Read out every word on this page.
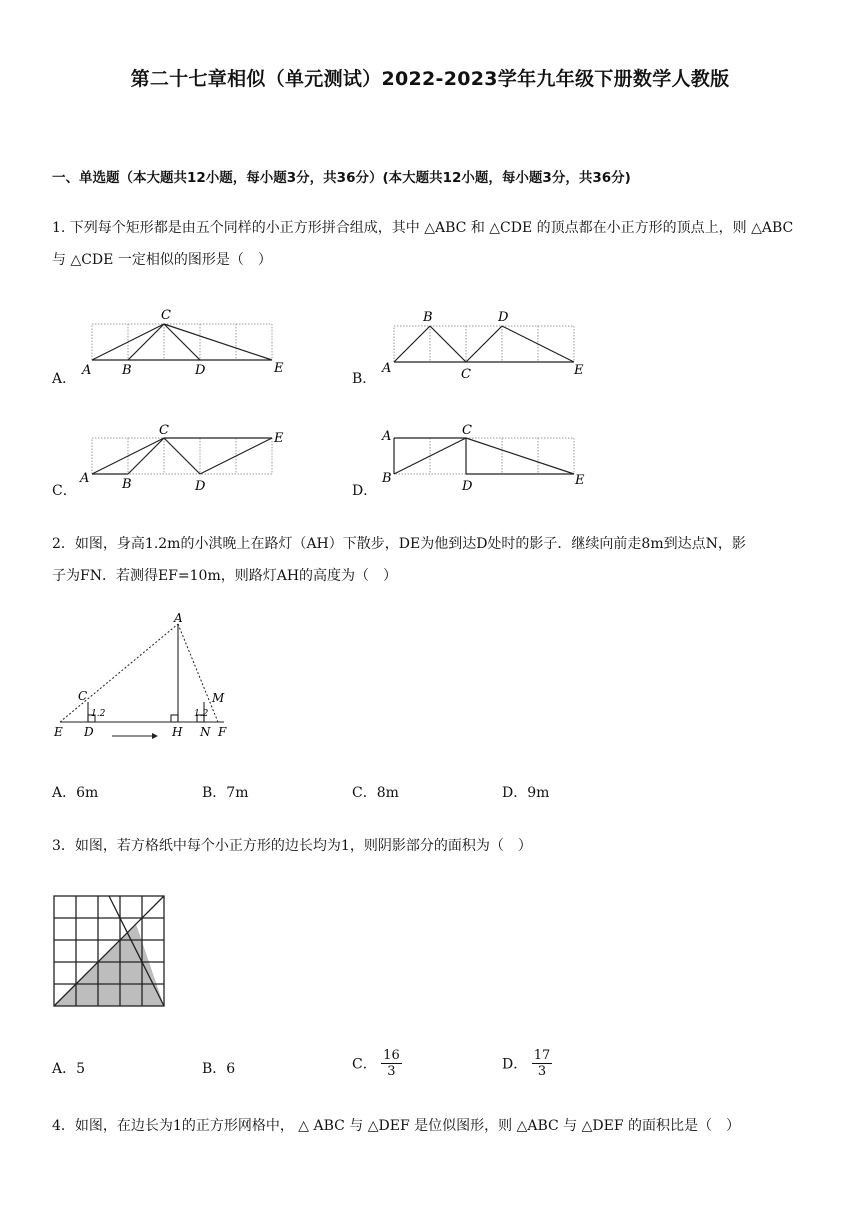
第二十七章相似（单元测试）2022-2023学年九年级下册数学人教版
一、单选题（本大题共12小题，每小题3分，共36分）(本大题共12小题，每小题3分，共36分)
1. 下列每个矩形都是由五个同样的小正方形拼合组成，其中 △ABC 和 △CDE 的顶点都在小正方形的顶点上，则 △ABC
与 △CDE 一定相似的图形是（　）
A．
A B
C
D	E
B．
A
B
C
D
E
C．
A	B
C
D
E
D．
A
B
C
D	E
2．如图，身高1.2m的小淇晚上在路灯（AH）下散步，DE为他到达D处时的影子．继续向前走8m到达点N，影
子为FN．若测得EF=10m，则路灯AH的高度为（　）
A
C
E D	H
M
N F
1.2	1.2
A．6m	B．7m	C．8m	D．9m
3．如图，若方格纸中每个小正方形的边长均为1，则阴影部分的面积为（　）
A．5	B．6	C． $\frac{16}{3}$	D． $\frac{17}{3}$
4．如图，在边长为1的正方形网格中， △ ABC 与 △DEF 是位似图形，则 △ABC 与 △DEF 的面积比是（　）
